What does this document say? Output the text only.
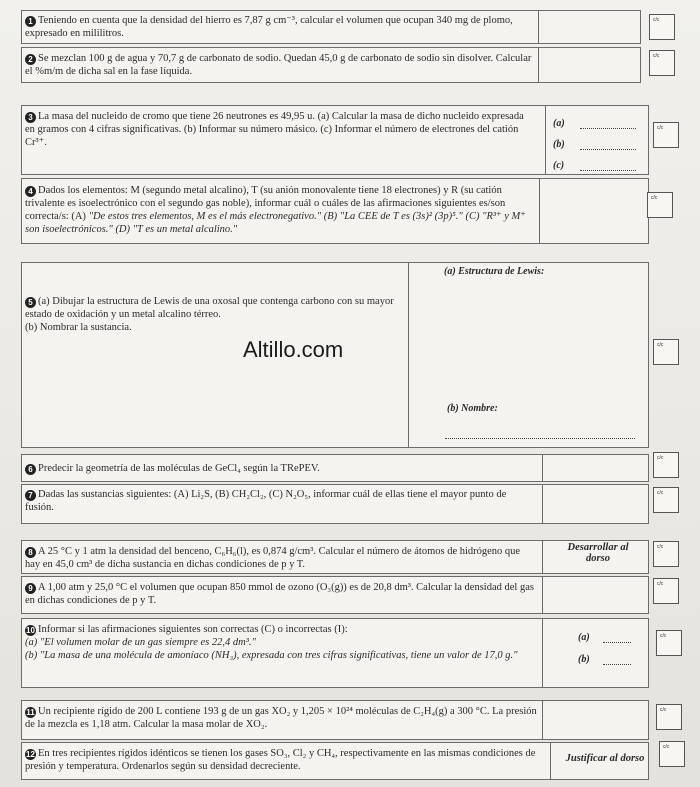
1 Teniendo en cuenta que la densidad del hierro es 7,87 g cm⁻³, calcular el volumen que ocupan 340 mg de plomo, expresado en mililitros.
c/c
2 Se mezclan 100 g de agua y 70,7 g de carbonato de sodio. Quedan 45,0 g de carbonato de sodio sin disolver. Calcular el %m/m de dicha sal en la fase líquida.
c/c
3 La masa del nucleido de cromo que tiene 26 neutrones es 49,95 u. (a) Calcular la masa de dicho nucleido expresada en gramos con 4 cifras significativas. (b) Informar su número másico. (c) Informar el número de electrones del catión Cr³⁺.
(a)
(b)
(c)
c/c
4 Dados los elementos: M (segundo metal alcalino), T (su anión monovalente tiene 18 electrones) y R (su catión trivalente es isoelectrónico con el segundo gas noble), informar cuál o cuáles de las afirmaciones siguientes es/son correcta/s: (A) "De estos tres elementos, M es el más electronegativo." (B) "La CEE de T es (3s)² (3p)⁵." (C) "R³⁺ y M⁺ son isoelectrónicos." (D) "T es un metal alcalino."
c/c
5 (a) Dibujar la estructura de Lewis de una oxosal que contenga carbono con su mayor estado de oxidación y un metal alcalino térreo.
(b) Nombrar la sustancia.
(a) Estructura de Lewis:
(b) Nombre:
c/c
Altillo.com
6 Predecir la geometría de las moléculas de GeCl₄ según la TRePEV.
c/c
7 Dadas las sustancias siguientes: (A) Li₂S, (B) CH₂Cl₂, (C) N₂O₅, informar cuál de ellas tiene el mayor punto de fusión.
c/c
8 A 25 °C y 1 atm la densidad del benceno, C₆H₆(l), es 0,874 g/cm³. Calcular el número de átomos de hidrógeno que hay en 45,0 cm³ de dicha sustancia en dichas condiciones de p y T.
Desarrollar al dorso
c/c
9 A 1,00 atm y 25,0 °C el volumen que ocupan 850 mmol de ozono (O₃(g)) es de 20,8 dm³. Calcular la densidad del gas en dichas condiciones de p y T.
c/c
10 Informar si las afirmaciones siguientes son correctas (C) o incorrectas (I):
(a) "El volumen molar de un gas siempre es 22,4 dm³."
(b) "La masa de una molécula de amoníaco (NH₃), expresada con tres cifras significativas, tiene un valor de 17,0 g."
(a)
(b)
c/c
11 Un recipiente rígido de 200 L contiene 193 g de un gas XO₂ y 1,205 × 10²⁴ moléculas de C₂H₄(g) a 300 °C. La presión de la mezcla es 1,18 atm. Calcular la masa molar de XO₂.
c/c
12 En tres recipientes rígidos idénticos se tienen los gases SO₃, Cl₂ y CH₄, respectivamente en las mismas condiciones de presión y temperatura. Ordenarlos según su densidad decreciente.
Justificar al dorso
c/c
